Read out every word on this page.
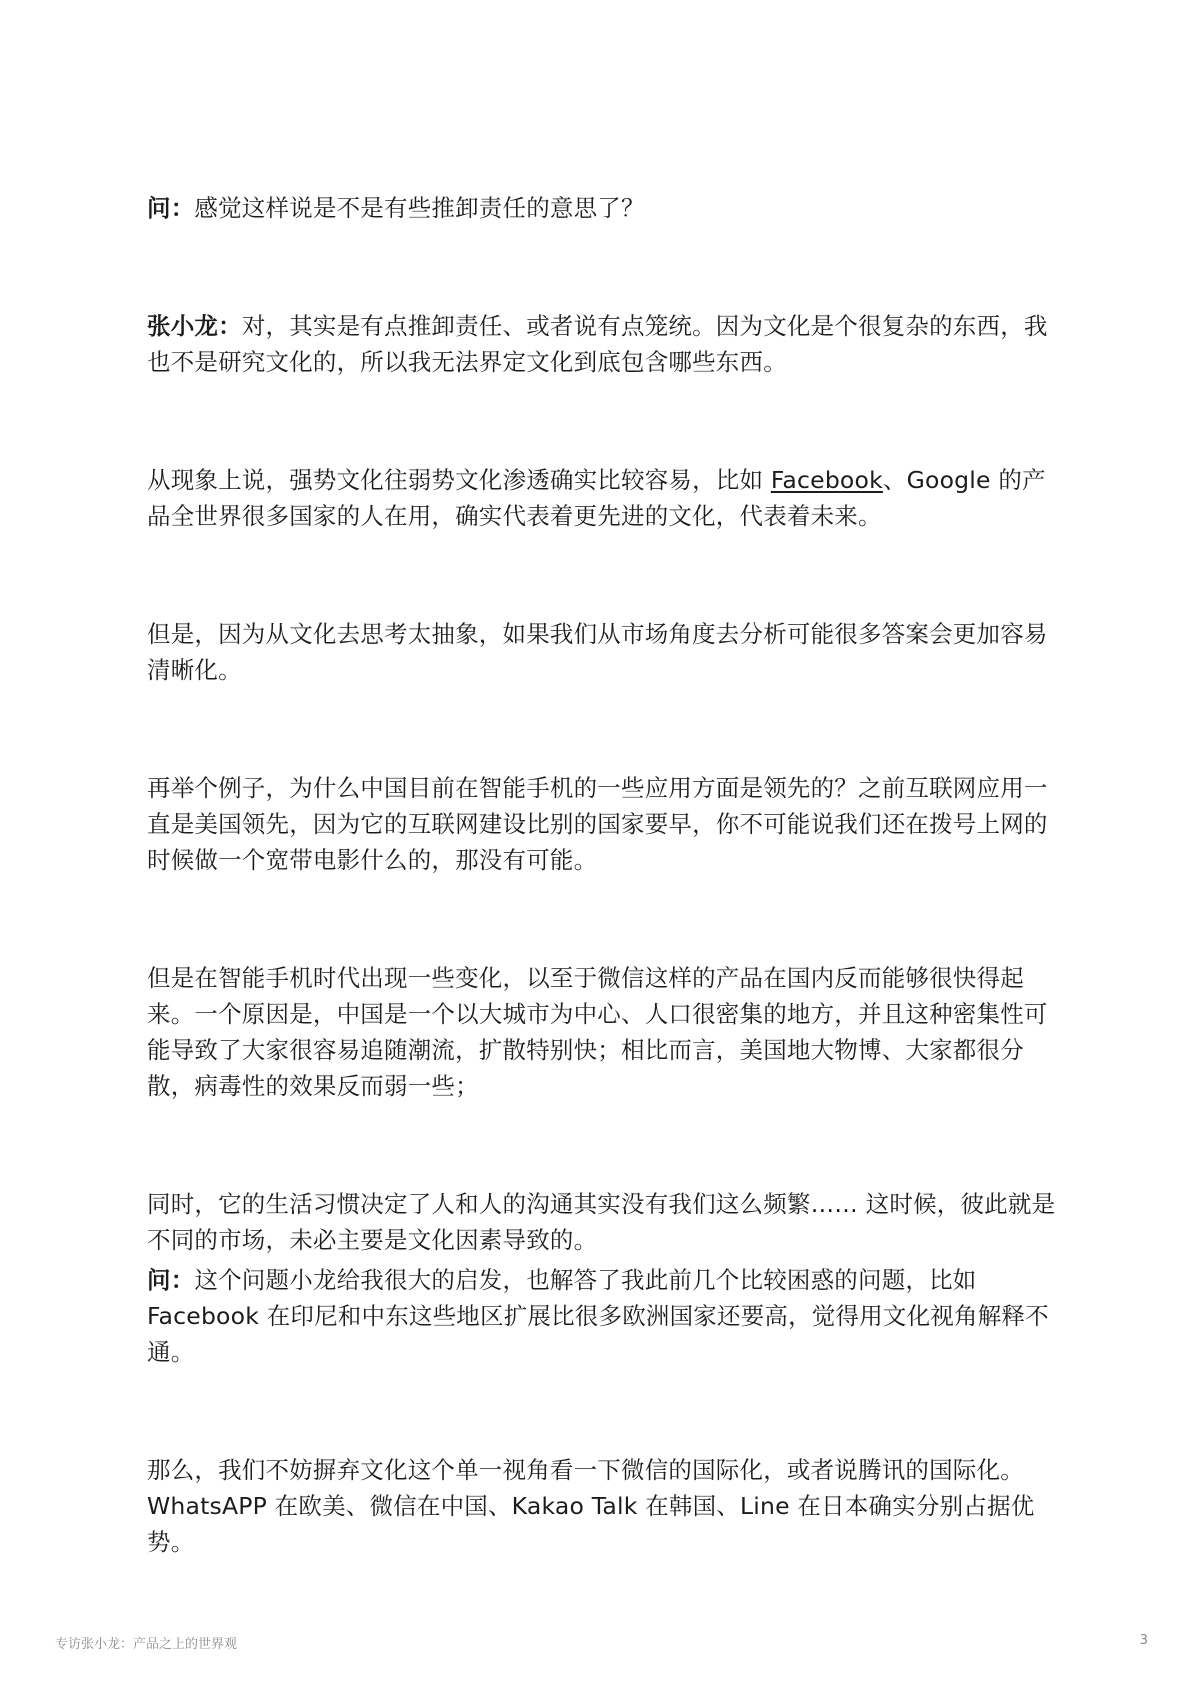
问：感觉这样说是不是有些推卸责任的意思了？

张小龙：对，其实是有点推卸责任、或者说有点笼统。因为文化是个很复杂的东西，我也不是研究文化的，所以我无法界定文化到底包含哪些东西。

从现象上说，强势文化往弱势文化渗透确实比较容易，比如 Facebook、Google 的产品全世界很多国家的人在用，确实代表着更先进的文化，代表着未来。

但是，因为从文化去思考太抽象，如果我们从市场角度去分析可能很多答案会更加容易清晰化。

再举个例子，为什么中国目前在智能手机的一些应用方面是领先的？之前互联网应用一直是美国领先，因为它的互联网建设比别的国家要早，你不可能说我们还在拨号上网的时候做一个宽带电影什么的，那没有可能。

但是在智能手机时代出现一些变化，以至于微信这样的产品在国内反而能够很快得起来。一个原因是，中国是一个以大城市为中心、人口很密集的地方，并且这种密集性可能导致了大家很容易追随潮流，扩散特别快；相比而言，美国地大物博、大家都很分散，病毒性的效果反而弱一些；

同时，它的生活习惯决定了人和人的沟通其实没有我们这么频繁…… 这时候，彼此就是不同的市场，未必主要是文化因素导致的。

问：这个问题小龙给我很大的启发，也解答了我此前几个比较困惑的问题，比如 Facebook 在印尼和中东这些地区扩展比很多欧洲国家还要高，觉得用文化视角解释不通。

那么，我们不妨摒弃文化这个单一视角看一下微信的国际化，或者说腾讯的国际化。WhatsAPP 在欧美、微信在中国、Kakao Talk 在韩国、Line 在日本确实分别占据优势。

专访张小龙：产品之上的世界观	3
